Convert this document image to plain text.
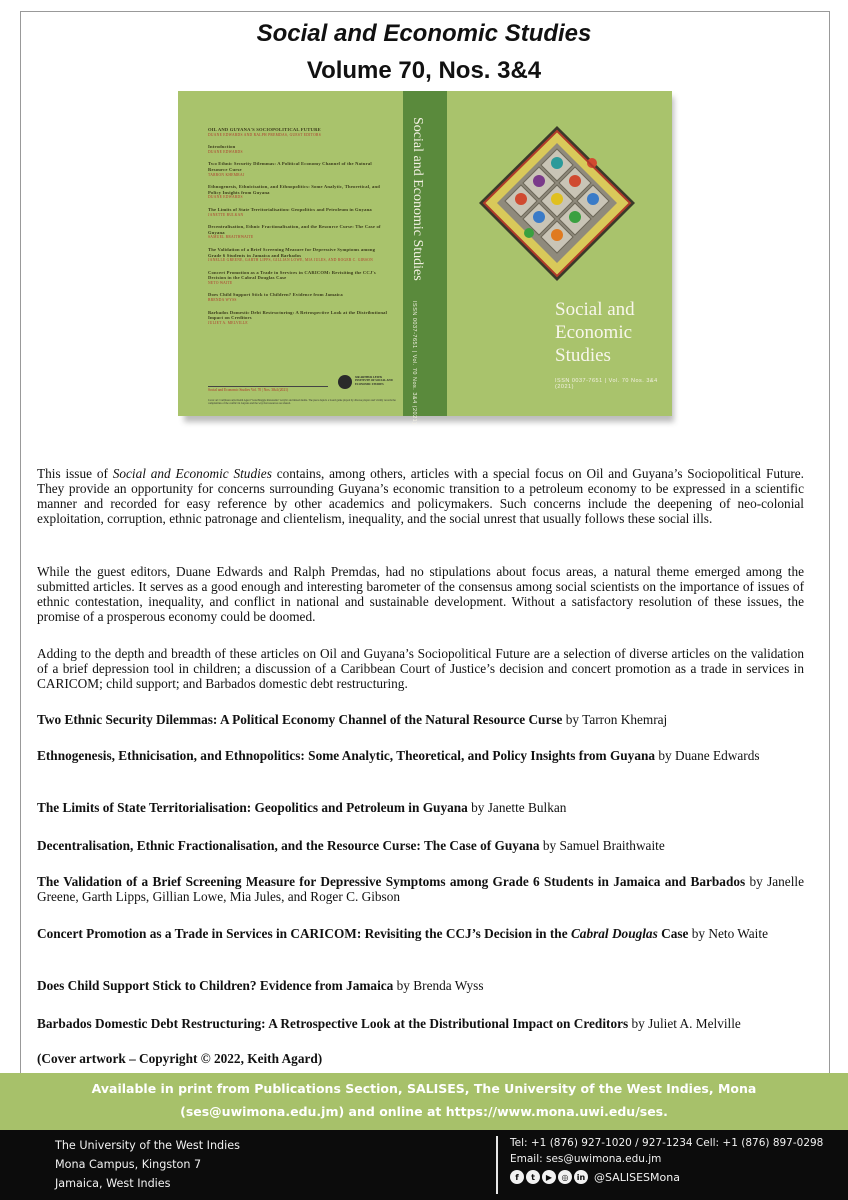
Social and Economic Studies
Volume 70, Nos. 3&4
OIL AND GUYANA'S SOCIOPOLITICAL FUTURE
DUANE EDWARDS AND RALPH PREMDAS, GUEST EDITORS
Introduction
DUANE EDWARDS
Two Ethnic Security Dilemmas: A Political Economy Channel of the Natural Resource Curse
TARRON KHEMRAJ
Ethnogenesis, Ethnicisation, and Ethnopolitics: Some Analytic, Theoretical, and Policy Insights from Guyana
DUANE EDWARDS
The Limits of State Territorialisation: Geopolitics and Petroleum in Guyana
JANETTE BULKAN
Decentralisation, Ethnic Fractionalisation, and the Resource Curse: The Case of Guyana
SAMUEL BRAITHWAITE
The Validation of a Brief Screening Measure for Depressive Symptoms among Grade 6 Students in Jamaica and Barbados
JANELLE GREENE, GARTH LIPPS, GILLIAN LOWE, MIA JULES, AND ROGER C. GIBSON
Concert Promotion as a Trade in Services in CARICOM: Revisiting the CCJ's Decision in the Cabral Douglas Case
NETO WAITE
Does Child Support Stick to Children? Evidence from Jamaica
BRENDA WYSS
Barbados Domestic Debt Restructuring: A Retrospective Look at the Distributional Impact on Creditors
JULIET A. MELVILLE
Social and Economic Studies Vol. 70 | Nos. 3&4 (2021)
SIR ARTHUR LEWIS INSTITUTE OF SOCIAL AND ECONOMIC STUDIES
Cover art: Caribbean artist Keith Agard "Gate/Maggie Ravenema" Acrylic and mixed media. The piece depicts a board game played by diverse players and vividly records the complexities of the conflict in Guyana and the way that resources are shared.
Social and Economic Studies
ISSN 0037-7651 | Vol. 70 Nos. 3&4 (2021)	Social and
Economic
Studies
ISSN 0037-7651 | Vol. 70 Nos. 3&4 (2021)
This issue of Social and Economic Studies contains, among others, articles with a special focus on Oil and Guyana’s Sociopolitical Future. They provide an opportunity for concerns surrounding Guyana’s economic transition to a petroleum economy to be expressed in a scientific manner and recorded for easy reference by other academics and policymakers. Such concerns include the deepening of neo-colonial exploitation, corruption, ethnic patronage and clientelism, inequality, and the social unrest that usually follows these social ills.
While the guest editors, Duane Edwards and Ralph Premdas, had no stipulations about focus areas, a natural theme emerged among the submitted articles. It serves as a good enough and interesting barometer of the consensus among social scientists on the importance of issues of ethnic contestation, inequality, and conflict in national and sustainable development. Without a satisfactory resolution of these issues, the promise of a prosperous economy could be doomed.
Adding to the depth and breadth of these articles on Oil and Guyana’s Sociopolitical Future are a selection of diverse articles on the validation of a brief depression tool in children; a discussion of a Caribbean Court of Justice’s decision and concert promotion as a trade in services in CARICOM; child support; and Barbados domestic debt restructuring.
Two Ethnic Security Dilemmas: A Political Economy Channel of the Natural Resource Curse by Tarron Khemraj
Ethnogenesis, Ethnicisation, and Ethnopolitics: Some Analytic, Theoretical, and Policy Insights from Guyana by Duane Edwards
The Limits of State Territorialisation: Geopolitics and Petroleum in Guyana by Janette Bulkan
Decentralisation, Ethnic Fractionalisation, and the Resource Curse: The Case of Guyana by Samuel Braithwaite
The Validation of a Brief Screening Measure for Depressive Symptoms among Grade 6 Students in Jamaica and Barbados by Janelle Greene, Garth Lipps, Gillian Lowe, Mia Jules, and Roger C. Gibson
Concert Promotion as a Trade in Services in CARICOM: Revisiting the CCJ’s Decision in the Cabral Douglas Case by Neto Waite
Does Child Support Stick to Children? Evidence from Jamaica by Brenda Wyss
Barbados Domestic Debt Restructuring: A Retrospective Look at the Distributional Impact on Creditors by Juliet A. Melville
(Cover artwork – Copyright © 2022, Keith Agard)
Available in print from Publications Section, SALISES, The University of the West Indies, Mona
(ses@uwimona.edu.jm) and online at https://www.mona.uwi.edu/ses.
The University of the West Indies
Mona Campus, Kingston 7
Jamaica, West Indies
Tel: +1 (876) 927-1020 / 927-1234 Cell: +1 (876) 897-0298
Email: ses@uwimona.edu.jm
f	t	▶	◎	in @SALISESMona
